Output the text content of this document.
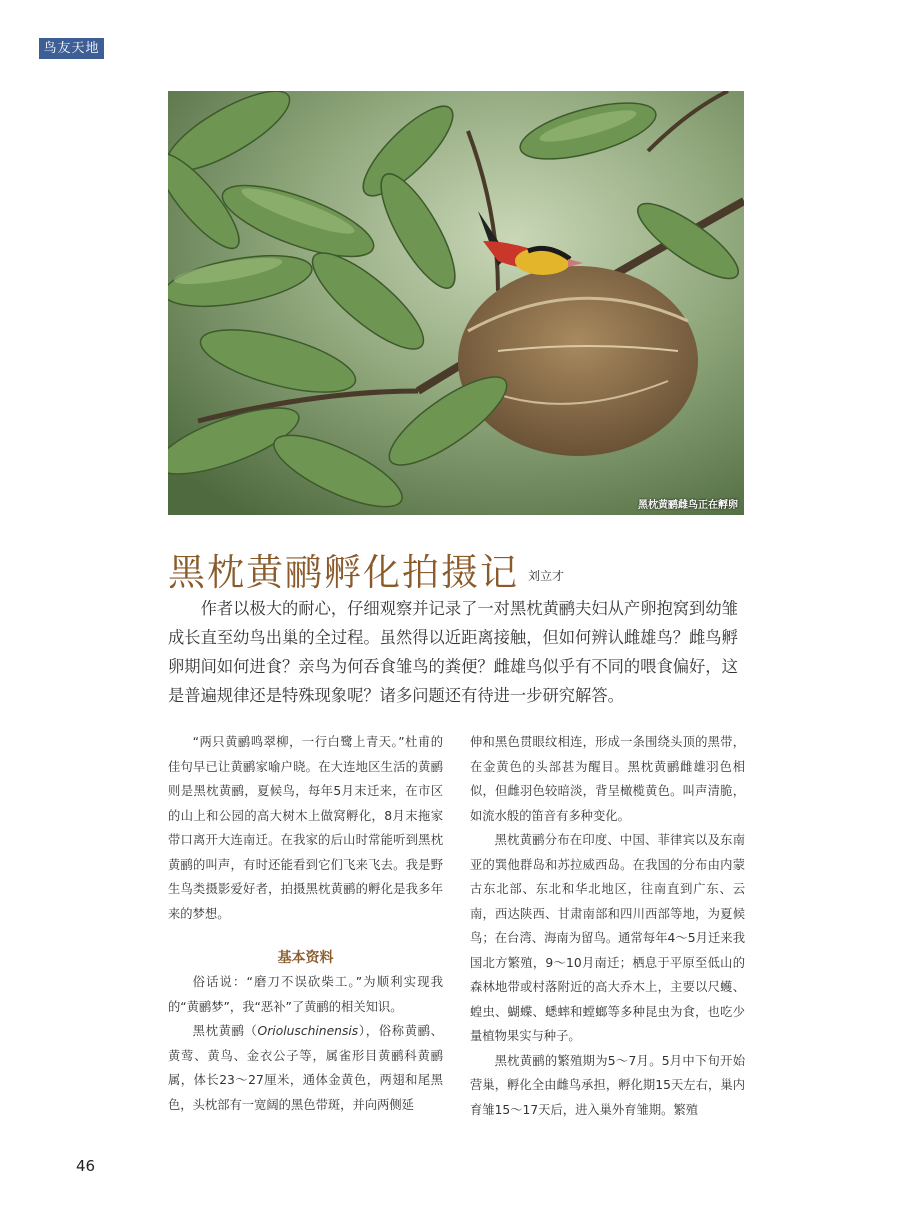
鸟友天地
黑枕黄鹂雌鸟正在孵卵
黑枕黄鹂孵化拍摄记 刘立才

作者以极大的耐心，仔细观察并记录了一对黑枕黄鹂夫妇从产卵抱窝到幼雏成长直至幼鸟出巢的全过程。虽然得以近距离接触，但如何辨认雌雄鸟？雌鸟孵卵期间如何进食？亲鸟为何吞食雏鸟的粪便？雌雄鸟似乎有不同的喂食偏好，这是普遍规律还是特殊现象呢？诸多问题还有待进一步研究解答。

“两只黄鹂鸣翠柳，一行白鹭上青天。”杜甫的佳句早已让黄鹂家喻户晓。在大连地区生活的黄鹂则是黑枕黄鹂，夏候鸟，每年5月末迁来，在市区的山上和公园的高大树木上做窝孵化，8月末拖家带口离开大连南迁。在我家的后山时常能听到黑枕黄鹂的叫声，有时还能看到它们飞来飞去。我是野生鸟类摄影爱好者，拍摄黑枕黄鹂的孵化是我多年来的梦想。

基本资料

俗话说：“磨刀不误砍柴工。”为顺利实现我的“黄鹂梦”，我“恶补”了黄鹂的相关知识。

黑枕黄鹂（Orioluschinensis），俗称黄鹂、黄莺、黄鸟、金衣公子等，属雀形目黄鹂科黄鹂属，体长23～27厘米，通体金黄色，两翅和尾黑色，头枕部有一宽阔的黑色带斑，并向两侧延

伸和黑色贯眼纹相连，形成一条围绕头顶的黑带，在金黄色的头部甚为醒目。黑枕黄鹂雌雄羽色相似，但雌羽色较暗淡，背呈橄榄黄色。叫声清脆，如流水般的笛音有多种变化。

黑枕黄鹂分布在印度、中国、菲律宾以及东南亚的巽他群岛和苏拉威西岛。在我国的分布由内蒙古东北部、东北和华北地区，往南直到广东、云南，西达陕西、甘肃南部和四川西部等地，为夏候鸟；在台湾、海南为留鸟。通常每年4～5月迁来我国北方繁殖，9～10月南迁；栖息于平原至低山的森林地带或村落附近的高大乔木上，主要以尺蠖、蝗虫、蝴蝶、蟋蟀和螳螂等多种昆虫为食，也吃少量植物果实与种子。

黑枕黄鹂的繁殖期为5～7月。5月中下旬开始营巢，孵化全由雌鸟承担，孵化期15天左右，巢内育雏15～17天后，进入巢外育雏期。繁殖

46
